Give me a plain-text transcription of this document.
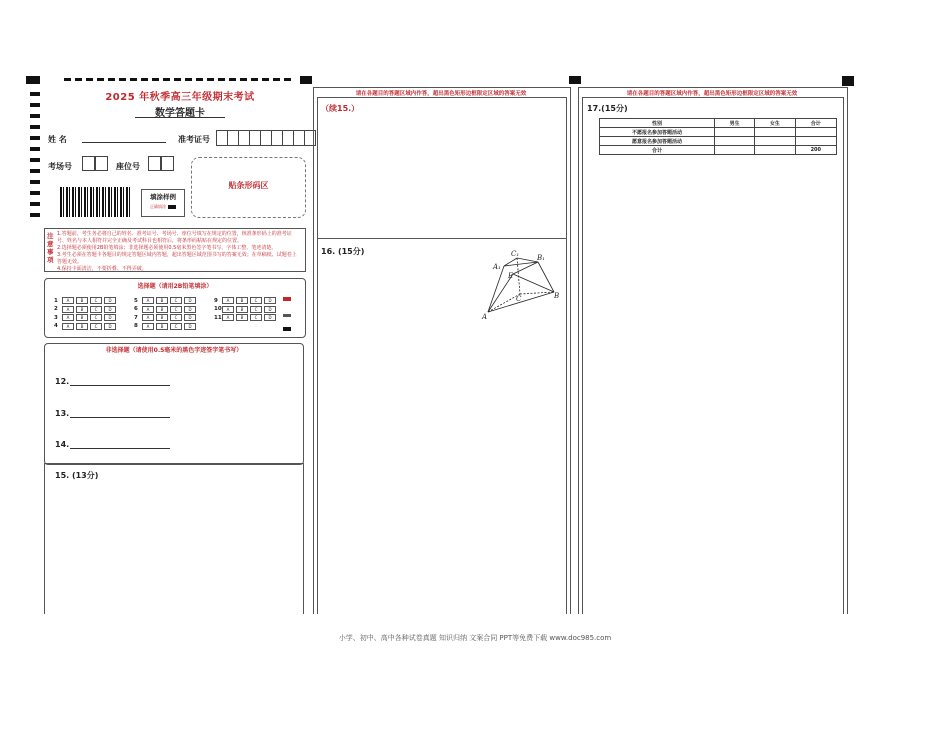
2025 年秋季高三年级期末考试
数学答题卡
姓 名	准考证号
考场号	座位号
填涂样例
正确填涂
贴条形码区
注意事项
1.答题前，考生务必将自己的姓名、准考证号、考场号、座位号填写在规定的位置，核准条形码上的准考证号、姓名与本人相符并完全正确及考试科目也相符后，将条形码粘贴在规定的位置。
2.选择题必须使用2B铅笔填涂；非选择题必须使用0.5毫米黑色签字笔书写，字体工整、笔迹清楚。
3.考生必须在答题卡各题目的规定答题区域内答题，超出答题区域范围书写的答案无效；在草稿纸、试题卷上答题无效。
4.保持卡面清洁，不要折叠、不得弄破。
选择题（请用2B铅笔填涂）
1	A	B	C	D
2	A	B	C	D
3	A	B	C	D
4	A	B	C	D
5	A	B	C	D
6	A	B	C	D
7	A	B	C	D
8	A	B	C	D
9	A	B	C	D
10	A	B	C	D
11	A	B	C	D
非选择题（请使用0.5毫米的黑色字迹签字笔书写）
12.
13.
14.
15. (13分)
请在各题目的答题区域内作答，超出黑色矩形边框限定区域的答案无效
（续15.）
16. (15分)	C₁	B₁
A₁
E
C	B
A
请在各题目的答题区域内作答，超出黑色矩形边框限定区域的答案无效
17.(15分)
性别	男生	女生	合计
不愿报名参加答题活动			
愿意报名参加答题活动			
合计			200
小学、初中、高中各种试卷真题 知识归纳 文案合同 PPT等免费下载 www.doc985.com
